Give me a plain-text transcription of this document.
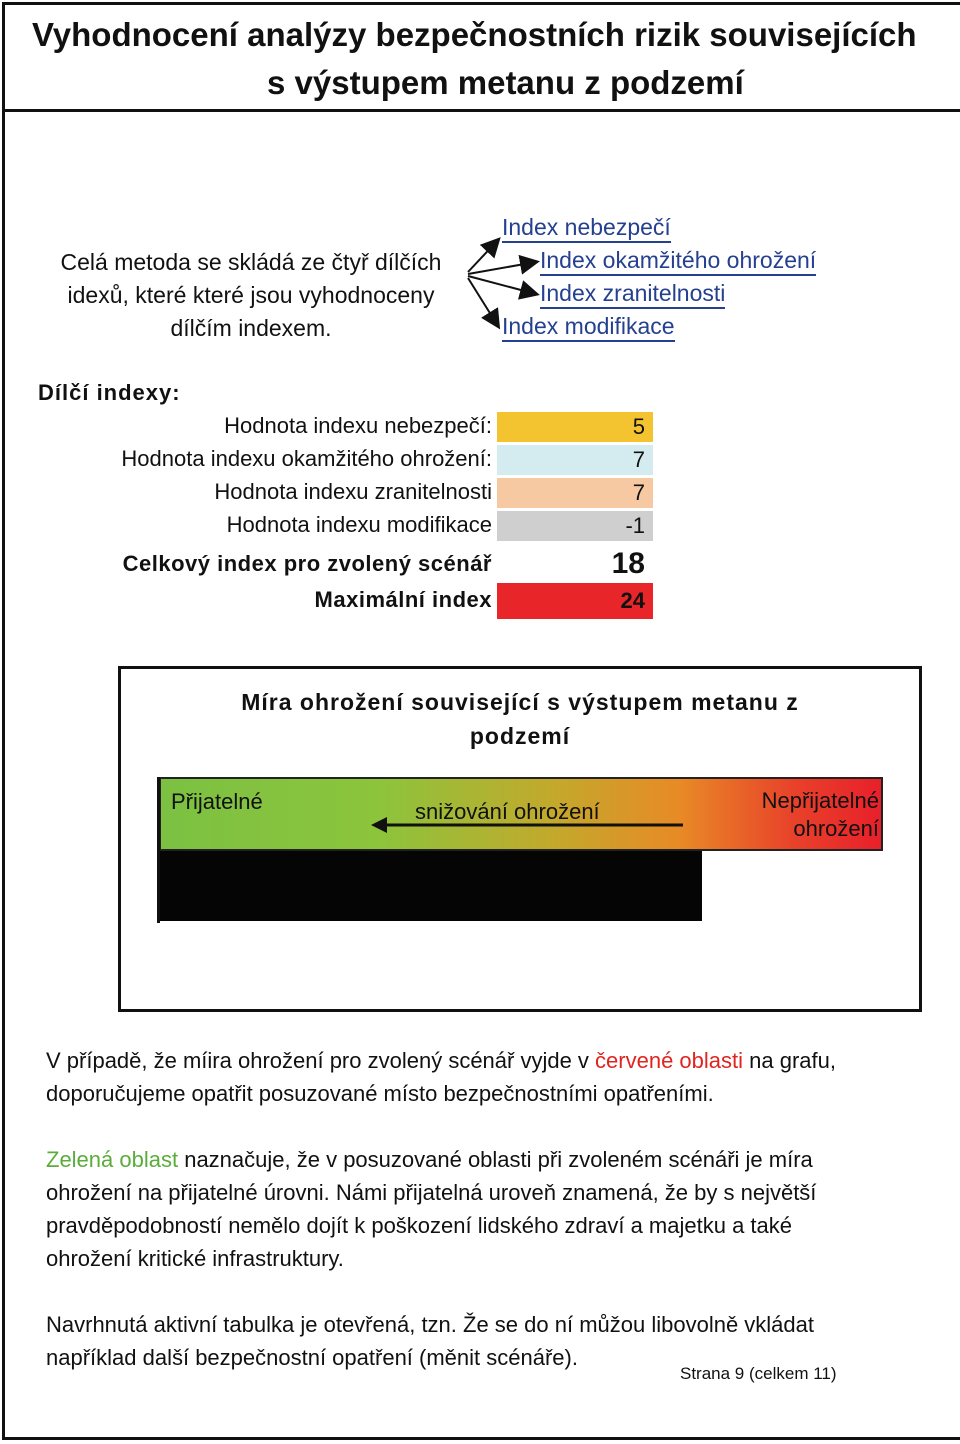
Vyhodnocení analýzy bezpečnostních rizik souvisejících
s výstupem metanu z podzemí
Celá metoda se skládá ze čtyř dílčích
idexů, které které jsou vyhodnoceny
dílčím indexem.
Index nebezpečí
Index okamžitého ohrožení
Index zranitelnosti
Index modifikace
Dílčí indexy:
Hodnota indexu nebezpečí:	5
Hodnota indexu okamžitého ohrožení:	7
Hodnota indexu zranitelnosti	7
Hodnota indexu modifikace	-1
Celkový index pro zvolený scénář	18
Maximální index	24
Míra ohrožení související s výstupem metanu z
podzemí
Přijatelné	snižování ohrožení	Nepřijatelné
ohrožení
V případě, že míira ohrožení pro zvolený scénář vyjde v červené oblasti na grafu,
doporučujeme opatřit posuzované místo bezpečnostními opatřeními.
Zelená oblast naznačuje, že v posuzované oblasti při zvoleném scénáři je míra
ohrožení na přijatelné úrovni. Námi přijatelná uroveň znamená, že by s největší
pravděpodobností nemělo dojít k poškození lidského zdraví a majetku a také
ohrožení kritické infrastruktury.
Navrhnutá aktivní tabulka je otevřená, tzn. Že se do ní můžou libovolně vkládat
například další bezpečnostní opatření (měnit scénáře).
Strana 9 (celkem 11)
